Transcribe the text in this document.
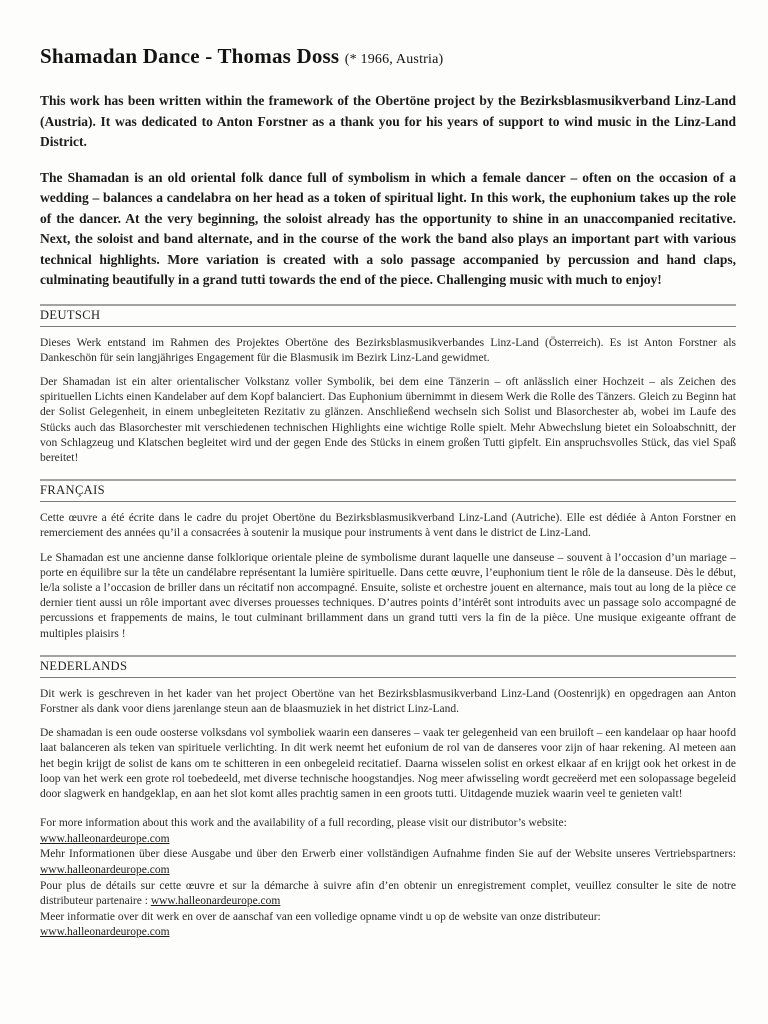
Shamadan Dance - Thomas Doss (* 1966, Austria)

This work has been written within the framework of the Obertöne project by the Bezirksblasmusikverband Linz-Land (Austria). It was dedicated to Anton Forstner as a thank you for his years of support to wind music in the Linz-Land District.

The Shamadan is an old oriental folk dance full of symbolism in which a female dancer – often on the occasion of a wedding – balances a candelabra on her head as a token of spiritual light. In this work, the euphonium takes up the role of the dancer. At the very beginning, the soloist already has the opportunity to shine in an unaccompanied recitative. Next, the soloist and band alternate, and in the course of the work the band also plays an important part with various technical highlights. More variation is created with a solo passage accompanied by percussion and hand claps, culminating beautifully in a grand tutti towards the end of the piece. Challenging music with much to enjoy!

DEUTSCH

Dieses Werk entstand im Rahmen des Projektes Obertöne des Bezirksblasmusikverbandes Linz-Land (Österreich). Es ist Anton Forstner als Dankeschön für sein langjähriges Engagement für die Blasmusik im Bezirk Linz-Land gewidmet.

Der Shamadan ist ein alter orientalischer Volkstanz voller Symbolik, bei dem eine Tänzerin – oft anlässlich einer Hochzeit – als Zeichen des spirituellen Lichts einen Kandelaber auf dem Kopf balanciert. Das Euphonium übernimmt in diesem Werk die Rolle des Tänzers. Gleich zu Beginn hat der Solist Gelegenheit, in einem unbegleiteten Rezitativ zu glänzen. Anschließend wechseln sich Solist und Blasorchester ab, wobei im Laufe des Stücks auch das Blasorchester mit verschiedenen technischen Highlights eine wichtige Rolle spielt. Mehr Abwechslung bietet ein Soloabschnitt, der von Schlagzeug und Klatschen begleitet wird und der gegen Ende des Stücks in einem großen Tutti gipfelt. Ein anspruchsvolles Stück, das viel Spaß bereitet!

FRANÇAIS

Cette œuvre a été écrite dans le cadre du projet Obertöne du Bezirksblasmusikverband Linz-Land (Autriche). Elle est dédiée à Anton Forstner en remerciement des années qu’il a consacrées à soutenir la musique pour instruments à vent dans le district de Linz-Land.

Le Shamadan est une ancienne danse folklorique orientale pleine de symbolisme durant laquelle une danseuse – souvent à l’occasion d’un mariage – porte en équilibre sur la tête un candélabre représentant la lumière spirituelle. Dans cette œuvre, l’euphonium tient le rôle de la danseuse. Dès le début, le/la soliste a l’occasion de briller dans un récitatif non accompagné. Ensuite, soliste et orchestre jouent en alternance, mais tout au long de la pièce ce dernier tient aussi un rôle important avec diverses prouesses techniques. D’autres points d’intérêt sont introduits avec un passage solo accompagné de percussions et frappements de mains, le tout culminant brillamment dans un grand tutti vers la fin de la pièce. Une musique exigeante offrant de multiples plaisirs !

NEDERLANDS

Dit werk is geschreven in het kader van het project Obertöne van het Bezirksblasmusikverband Linz-Land (Oostenrijk) en opgedragen aan Anton Forstner als dank voor diens jarenlange steun aan de blaasmuziek in het district Linz-Land.

De shamadan is een oude oosterse volksdans vol symboliek waarin een danseres – vaak ter gelegenheid van een bruiloft – een kandelaar op haar hoofd laat balanceren als teken van spirituele verlichting. In dit werk neemt het eufonium de rol van de danseres voor zijn of haar rekening. Al meteen aan het begin krijgt de solist de kans om te schitteren in een onbegeleid recitatief. Daarna wisselen solist en orkest elkaar af en krijgt ook het orkest in de loop van het werk een grote rol toebedeeld, met diverse technische hoogstandjes. Nog meer afwisseling wordt gecreëerd met een solopassage begeleid door slagwerk en handgeklap, en aan het slot komt alles prachtig samen in een groots tutti. Uitdagende muziek waarin veel te genieten valt!

For more information about this work and the availability of a full recording, please visit our distributor’s website:
www.halleonardeurope.com
Mehr Informationen über diese Ausgabe und über den Erwerb einer vollständigen Aufnahme finden Sie auf der Website unseres Vertriebspartners: www.halleonardeurope.com
Pour plus de détails sur cette œuvre et sur la démarche à suivre afin d’en obtenir un enregistrement complet, veuillez consulter le site de notre distributeur partenaire : www.halleonardeurope.com
Meer informatie over dit werk en over de aanschaf van een volledige opname vindt u op de website van onze distributeur:
www.halleonardeurope.com
